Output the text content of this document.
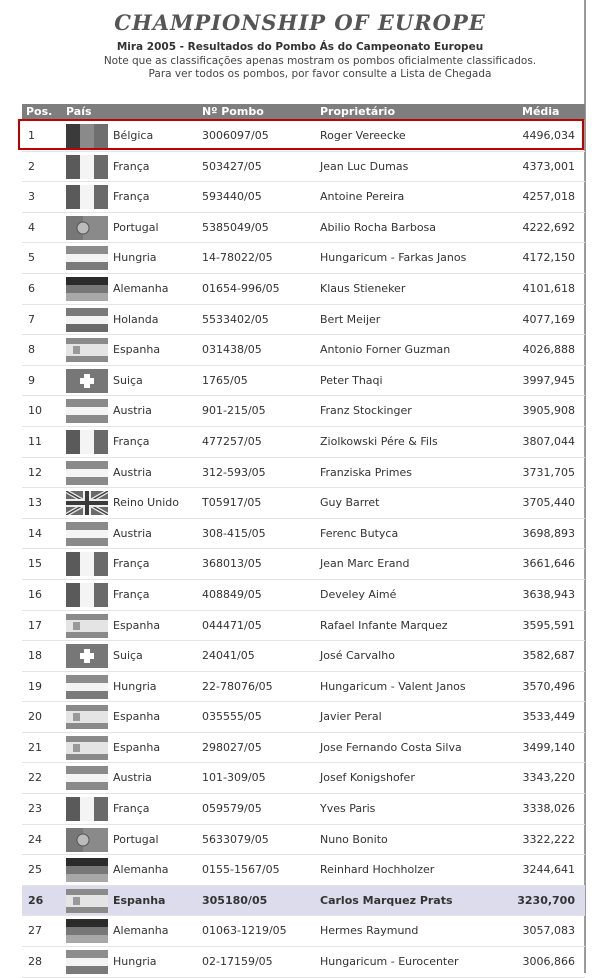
CHAMPIONSHIP OF EUROPE
Mira 2005 - Resultados do Pombo Ás do Campeonato Europeu
Note que as classificações apenas mostram os pombos oficialmente classificados.
Para ver todos os pombos, por favor consulte a Lista de Chegada
Pos. País	Nº Pombo	Proprietário	Média
1	Bélgica	3006097/05	Roger Vereecke	4496,034
2	França	503427/05	Jean Luc Dumas	4373,001
3	França	593440/05	Antoine Pereira	4257,018
4	Portugal	5385049/05	Abilio Rocha Barbosa	4222,692
5	Hungria	14-78022/05	Hungaricum - Farkas Janos	4172,150
6	Alemanha	01654-996/05	Klaus Stieneker	4101,618
7	Holanda	5533402/05	Bert Meijer	4077,169
8	Espanha	031438/05	Antonio Forner Guzman	4026,888
9	Suiça	1765/05	Peter Thaqi	3997,945
10	Austria	901-215/05	Franz Stockinger	3905,908
11	França	477257/05	Ziolkowski Pére & Fils	3807,044
12	Austria	312-593/05	Franziska Primes	3731,705
13	Reino Unido T05917/05	Guy Barret	3705,440
14	Austria	308-415/05	Ferenc Butyca	3698,893
15	França	368013/05	Jean Marc Erand	3661,646
16	França	408849/05	Develey Aimé	3638,943
17	Espanha	044471/05	Rafael Infante Marquez	3595,591
18	Suiça	24041/05	José Carvalho	3582,687
19	Hungria	22-78076/05	Hungaricum - Valent Janos	3570,496
20	Espanha	035555/05	Javier Peral	3533,449
21	Espanha	298027/05	Jose Fernando Costa Silva	3499,140
22	Austria	101-309/05	Josef Konigshofer	3343,220
23	França	059579/05	Yves Paris	3338,026
24	Portugal	5633079/05	Nuno Bonito	3322,222
25	Alemanha	0155-1567/05	Reinhard Hochholzer	3244,641
26	Espanha	305180/05	Carlos Marquez Prats	3230,700
27	Alemanha	01063-1219/05	Hermes Raymund	3057,083
28	Hungria	02-17159/05	Hungaricum - Eurocenter	3006,866
